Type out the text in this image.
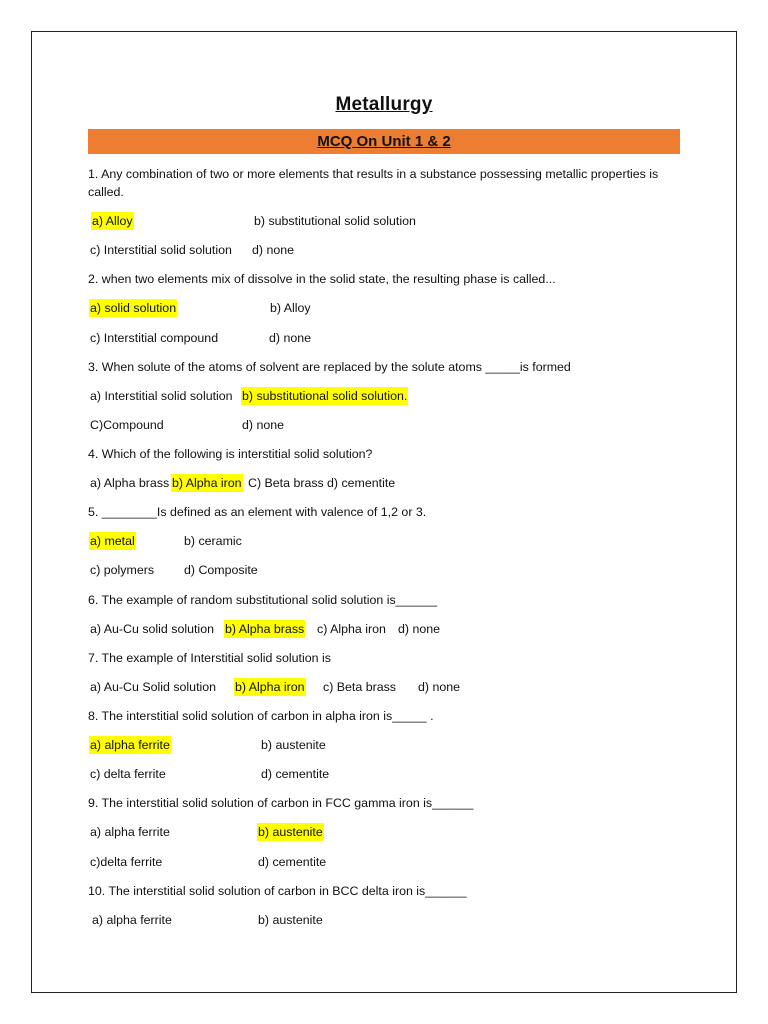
Metallurgy
MCQ On Unit 1 & 2
1. Any combination of two or more elements that results in a substance possessing metallic properties is called.
a) Alloy	b) substitutional solid solution
c) Interstitial solid solution d) none
2. when two elements mix of dissolve in the solid state, the resulting phase is called...
a) solid solution	b) Alloy
c) Interstitial compound	d) none
3. When solute of the atoms of solvent are replaced by the solute atoms _____is formed
a) Interstitial solid solution b) substitutional solid solution.
C)Compound	d) none
4. Which of the following is interstitial solid solution?
a) Alpha brass b) Alpha iron C) Beta brass d) cementite
5. ________Is defined as an element with valence of 1,2 or 3.
a) metal	b) ceramic
c) polymers d) Composite
6. The example of random substitutional solid solution is______
a) Au-Cu solid solution b) Alpha brass c) Alpha iron d) none
7. The example of Interstitial solid solution is
a) Au-Cu Solid solution b) Alpha iron c) Beta brass d) none
8. The interstitial solid solution of carbon in alpha iron is_____ .
a) alpha ferrite	b) austenite
c) delta ferrite	d) cementite
9. The interstitial solid solution of carbon in FCC gamma iron is______
a) alpha ferrite	b) austenite
c)delta ferrite	d) cementite
10. The interstitial solid solution of carbon in BCC delta iron is______
a) alpha ferrite	b) austenite
